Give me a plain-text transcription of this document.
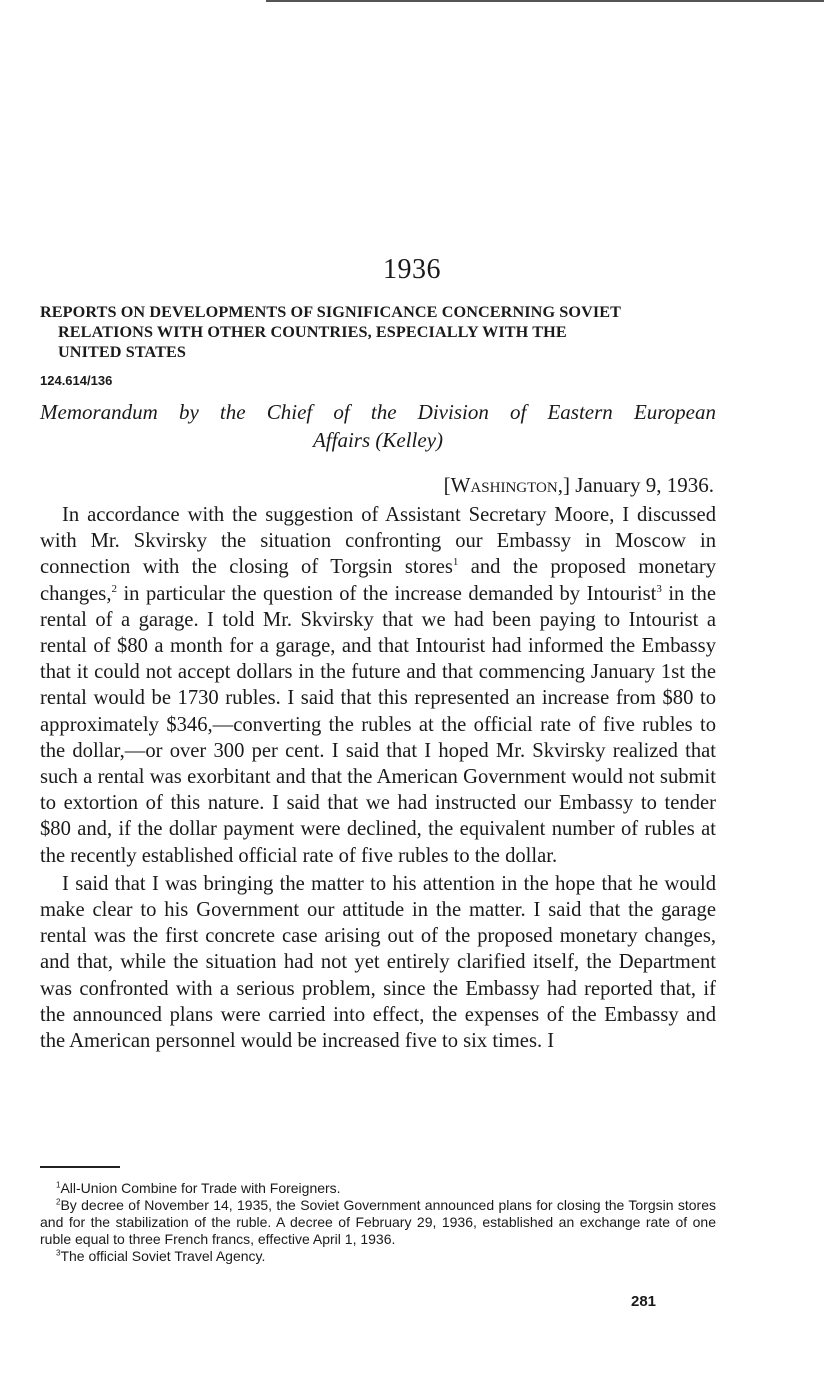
1936
REPORTS ON DEVELOPMENTS OF SIGNIFICANCE CONCERNING SOVIET
RELATIONS WITH OTHER COUNTRIES, ESPECIALLY WITH THE
UNITED STATES
124.614/136
Memorandum by the Chief of the Division of Eastern European
Affairs (Kelley)
[Washington,] January 9, 1936.

In accordance with the suggestion of Assistant Secretary Moore, I discussed with Mr. Skvirsky the situation confronting our Embassy in Moscow in connection with the closing of Torgsin stores$^1$ and the proposed monetary changes,$^2$ in particular the question of the increase demanded by Intourist$^3$ in the rental of a garage. I told Mr. Skvirsky that we had been paying to Intourist a rental of $80 a month for a garage, and that Intourist had informed the Embassy that it could not accept dollars in the future and that commencing January 1st the rental would be 1730 rubles. I said that this represented an increase from $80 to approximately $346,—converting the rubles at the official rate of five rubles to the dollar,—or over 300 per cent. I said that I hoped Mr. Skvirsky realized that such a rental was exorbitant and that the American Government would not submit to extortion of this nature. I said that we had instructed our Embassy to tender $80 and, if the dollar payment were declined, the equivalent number of rubles at the recently established official rate of five rubles to the dollar.

I said that I was bringing the matter to his attention in the hope that he would make clear to his Government our attitude in the matter. I said that the garage rental was the first concrete case arising out of the proposed monetary changes, and that, while the situation had not yet entirely clarified itself, the Department was confronted with a serious problem, since the Embassy had reported that, if the announced plans were carried into effect, the expenses of the Embassy and the American personnel would be increased five to six times. I

$^1$All-Union Combine for Trade with Foreigners.

$^2$By decree of November 14, 1935, the Soviet Government announced plans for closing the Torgsin stores and for the stabilization of the ruble. A decree of February 29, 1936, established an exchange rate of one ruble equal to three French francs, effective April 1, 1936.

$^3$The official Soviet Travel Agency.

281
